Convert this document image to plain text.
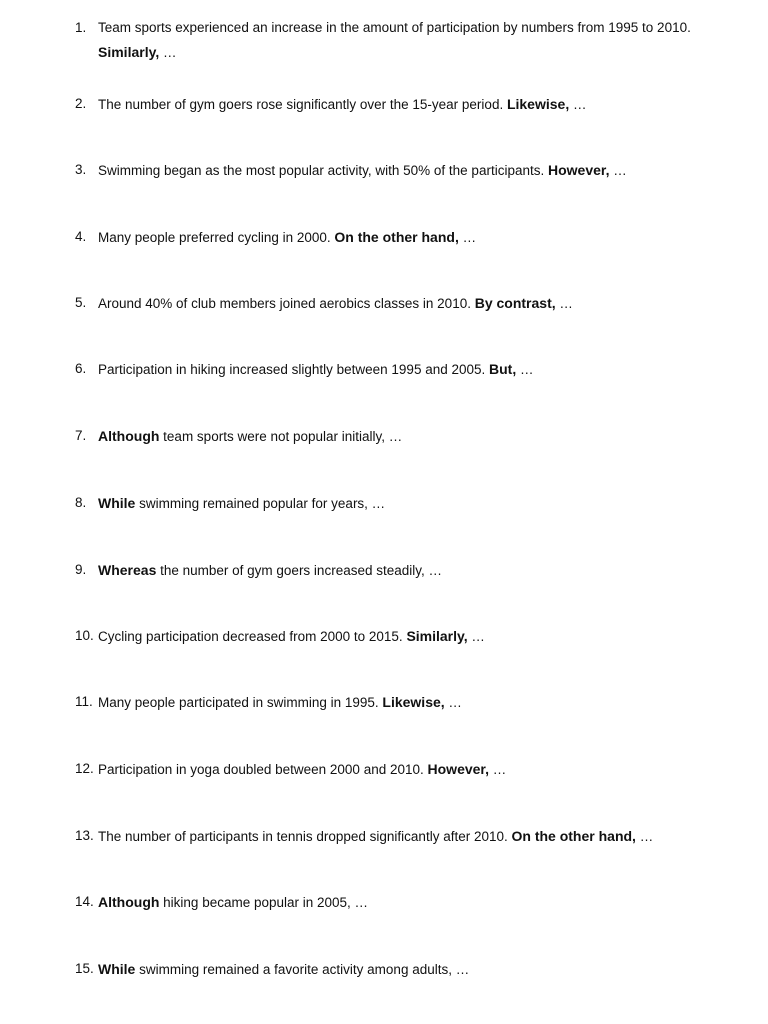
1. Team sports experienced an increase in the amount of participation by numbers from 1995 to 2010. Similarly, …
2. The number of gym goers rose significantly over the 15-year period. Likewise, …
3. Swimming began as the most popular activity, with 50% of the participants. However, …
4. Many people preferred cycling in 2000. On the other hand, …
5. Around 40% of club members joined aerobics classes in 2010. By contrast, …
6. Participation in hiking increased slightly between 1995 and 2005. But, …
7. Although team sports were not popular initially, …
8. While swimming remained popular for years, …
9. Whereas the number of gym goers increased steadily, …
10. Cycling participation decreased from 2000 to 2015. Similarly, …
11. Many people participated in swimming in 1995. Likewise, …
12. Participation in yoga doubled between 2000 and 2010. However, …
13. The number of participants in tennis dropped significantly after 2010. On the other hand, …
14. Although hiking became popular in 2005, …
15. While swimming remained a favorite activity among adults, …
